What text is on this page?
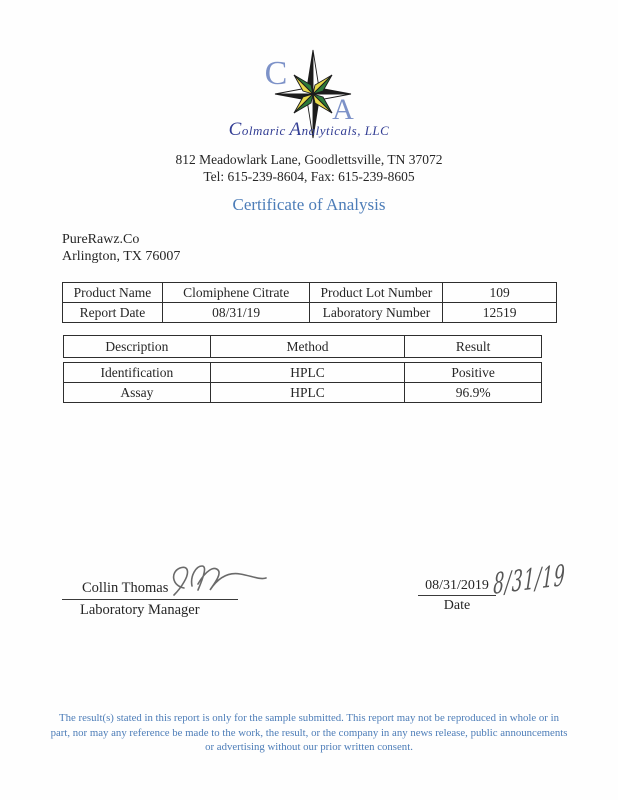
C
A
Colmaric Analyticals, LLC
812 Meadowlark Lane, Goodlettsville, TN 37072
Tel: 615-239-8604, Fax: 615-239-8605
Certificate of Analysis
PureRawz.Co
Arlington, TX 76007
Product Name	Clomiphene Citrate	Product Lot Number	109
Report Date	08/31/19	Laboratory Number	12519
Description	Method	Result
Identification	HPLC	Positive
Assay	HPLC	96.9%
Collin Thomas
Laboratory Manager
08/31/2019
Date
8/31/19
The result(s) stated in this report is only for the sample submitted. This report may not be reproduced in whole or in part, nor may any reference be made to the work, the result, or the company in any news release, public announcements or advertising without our prior written consent.
